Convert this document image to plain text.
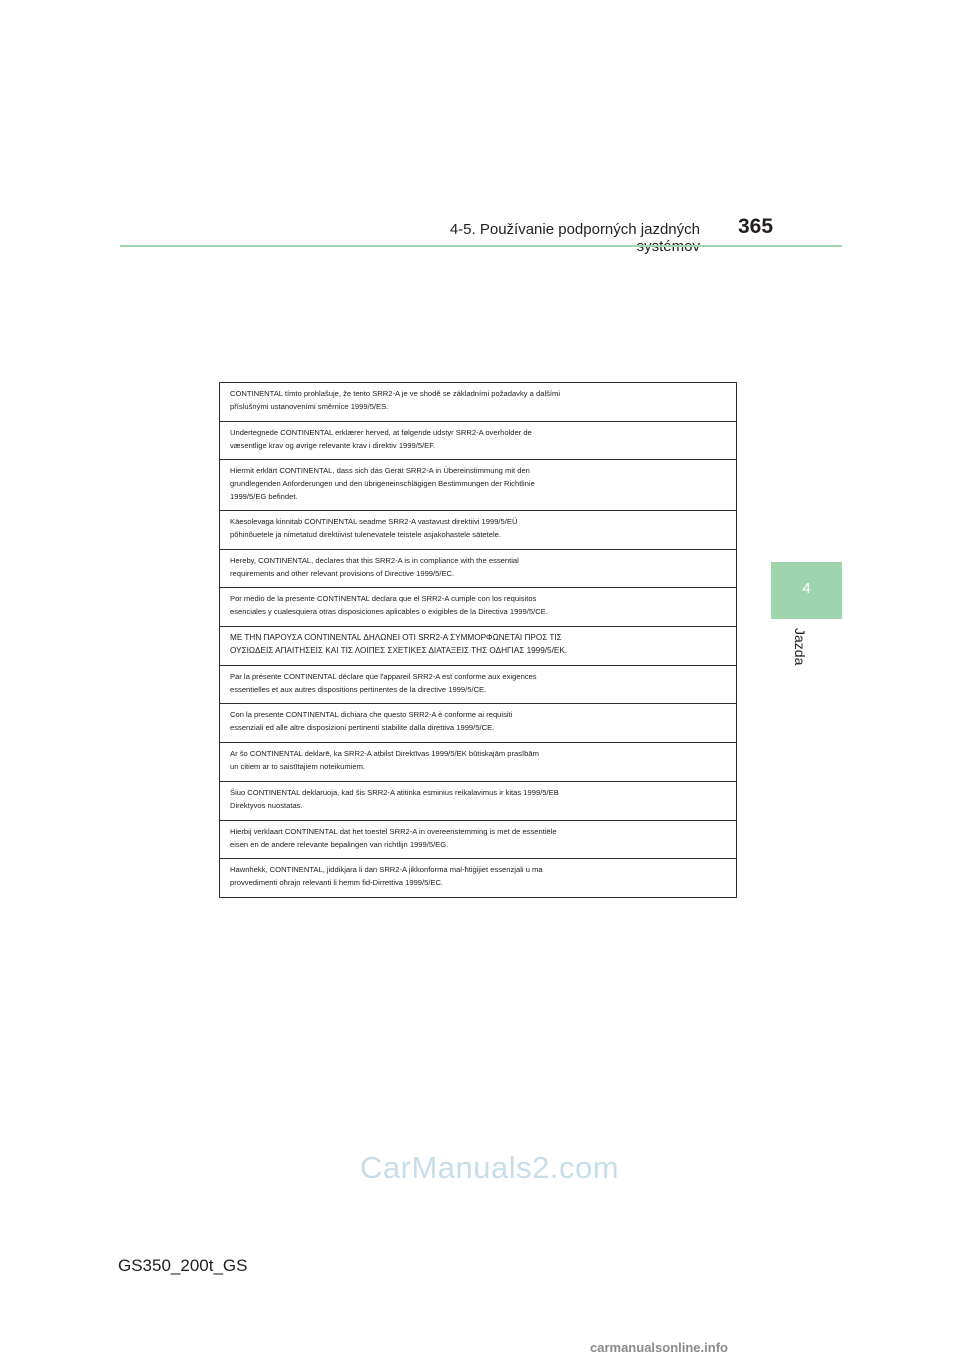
4-5. Používanie podporných jazdných 365
4
Jazda
CONTINENTAL tímto prohlašuje, že tento SRR2-A je ve shodě se základními požadavky a dalšími
příslušnými ustanoveními směrnice 1999/5/ES.
Undertegnede CONTINENTAL erklærer herved, at følgende udstyr SRR2-A overholder de
væsentlige krav og øvrige relevante krav i direktiv 1999/5/EF.
Hiermit erklärt CONTINENTAL, dass sich das Gerät SRR2-A in Übereinstimmung mit den
grundlegenden Anforderungen und den übrigeneinschlägigen Bestimmungen der Richtlinie
1999/5/EG befindet.
Käesolevaga kinnitab CONTINENTAL seadme SRR2-A vastavust direktiivi 1999/5/EÜ
põhinõuetele ja nimetatud direktiivist tulenevatele teistele asjakohastele sätetele.
Hereby, CONTINENTAL, declares that this SRR2-A is in compliance with the essential
requirements and other relevant provisions of Directive 1999/5/EC.
Por medio de la presente CONTINENTAL declara que el SRR2-A cumple con los requisitos
esenciales y cualesquiera otras disposiciones aplicables o exigibles de la Directiva 1999/5/CE.
ΜΕ ΤΗΝ ΠΑΡΟΥΣΑ CONTINENTAL ΔΗΛΩΝΕΙ ΟΤΙ SRR2-A ΣΥΜΜΟΡΦΩΝΕΤΑΙ ΠΡΟΣ ΤΙΣ
ΟΥΣΙΩΔΕΙΣ ΑΠΑΙΤΗΣΕΙΣ ΚΑΙ ΤΙΣ ΛΟΙΠΕΣ ΣΧΕΤΙΚΕΣ ΔΙΑΤΑΞΕΙΣ ΤΗΣ ΟΔΗΓΙΑΣ 1999/5/ΕΚ.
Par la présente CONTINENTAL déclare que l'appareil SRR2-A est conforme aux exigences
essentielles et aux autres dispositions pertinentes de la directive 1999/5/CE.
Con la presente CONTINENTAL dichiara che questo SRR2-A è conforme ai requisiti
essenziali ed alle altre disposizioni pertinenti stabilite dalla direttiva 1999/5/CE.
Ar šo CONTINENTAL deklarē, ka SRR2-A atbilst Direktīvas 1999/5/EK būtiskajām prasībām
un citiem ar to saistītajiem noteikumiem.
Šiuo CONTINENTAL deklaruoja, kad šis SRR2-A atitinka esminius reikalavimus ir kitas 1999/5/EB
Direktyvos nuostatas.
Hierbij verklaart CONTINENTAL dat het toestel SRR2-A in overeenstemming is met de essentiële
eisen en de andere relevante bepalingen van richtlijn 1999/5/EG.
Hawnhekk, CONTINENTAL, jiddikjara li dan SRR2-A jikkonforma mal-ħtiġijiet essenzjali u ma
provvedimenti oħrajn relevanti li hemm fid-Dirrettiva 1999/5/EC.
CarManuals2.com
GS350_200t_GS
carmanualsonline.info
